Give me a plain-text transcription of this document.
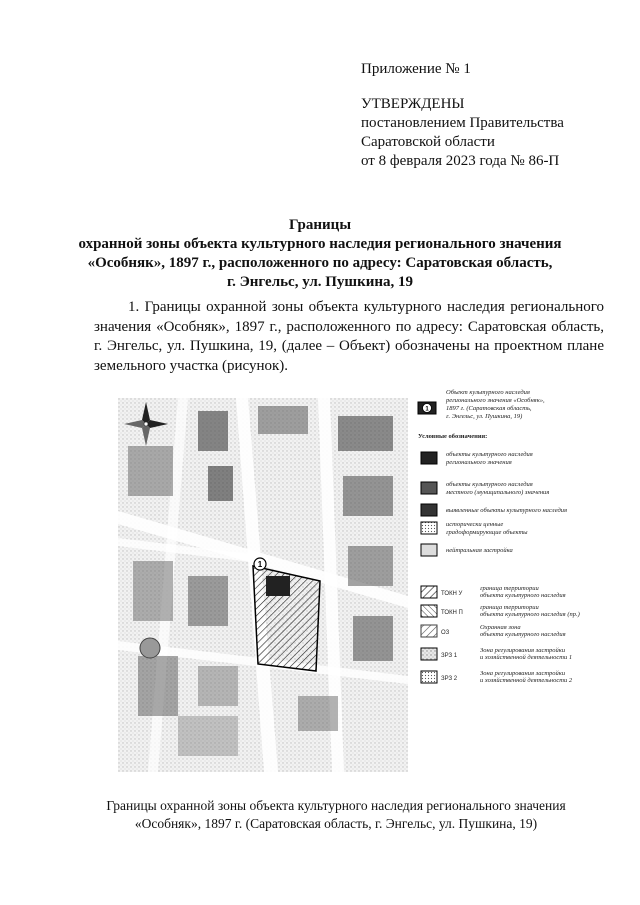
Приложение № 1
УТВЕРЖДЕНЫ
постановлением Правительства
Саратовской области
от 8 февраля 2023 года № 86-П
Границы
охранной зоны объекта культурного наследия регионального значения
«Особняк», 1897 г., расположенного по адресу: Саратовская область,
г. Энгельс, ул. Пушкина, 19
1. Границы охранной зоны объекта культурного наследия регионального значения «Особняк», 1897 г., расположенного по адресу: Саратовская область, г. Энгельс, ул. Пушкина, 19, (далее – Объект) обозначены на проектном плане земельного участка (рисунок).
1
1
Объект культурного наследия
регионального значения «Особняк»,
1897 г. (Саратовская область,
г. Энгельс, ул. Пушкина, 19)
Условные обозначения:
объекты культурного наследия
регионального значения
объекты культурного наследия
местного (муниципального) значения
выявленные объекты культурного наследия
исторически ценные
градоформирующие объекты
нейтральная застройка
ТОКН У
граница территории
объекта культурного наследия
ТОКН П
граница территории
объекта культурного наследия (пр.)
ОЗ
Охранная зона
объекта культурного наследия
ЗРЗ 1
Зона регулирования застройки
и хозяйственной деятельности 1
ЗРЗ 2
Зона регулирования застройки
и хозяйственной деятельности 2
Границы охранной зоны объекта культурного наследия регионального значения
«Особняк», 1897 г. (Саратовская область, г. Энгельс, ул. Пушкина, 19)
